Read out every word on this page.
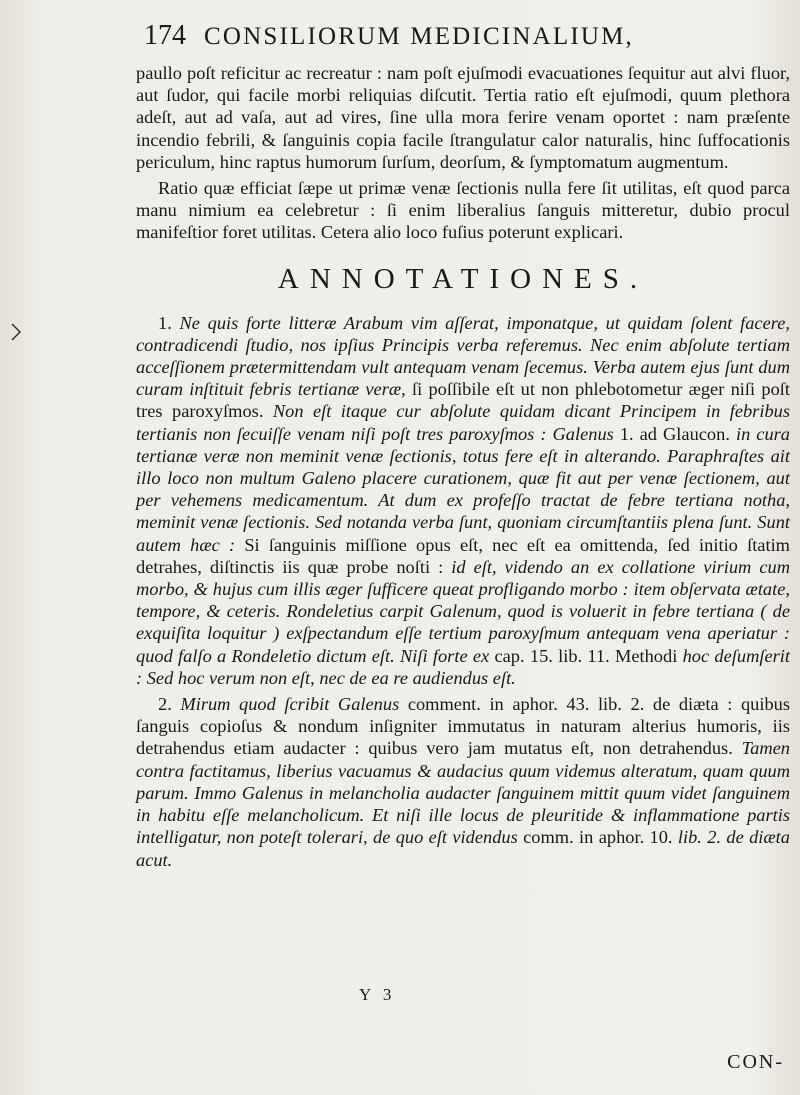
174 CONSILIORUM MEDICINALIUM,

paullo poſt reficitur ac recreatur : nam poſt ejuſmodi evacuationes ſequitur aut alvi fluor, aut ſudor, qui facile morbi reliquias diſcutit. Tertia ratio eſt ejuſmodi, quum plethora adeſt, aut ad vaſa, aut ad vires, ſine ulla mora ferire venam oportet : nam præſente incendio febrili, & ſanguinis copia facile ſtrangulatur calor naturalis, hinc ſuffocationis periculum, hinc raptus humorum ſurſum, deorſum, & ſymptomatum augmentum.

Ratio quæ efficiat ſæpe ut primæ venæ ſectionis nulla fere ſit utilitas, eſt quod parca manu nimium ea celebretur : ſi enim liberalius ſanguis mitteretur, dubio procul manifeſtior foret utilitas. Cetera alio loco fuſius poterunt explicari.

ANNOTATIONES.

1. Ne quis forte litteræ Arabum vim aſſerat, imponatque, ut quidam ſolent facere, contradicendi ſtudio, nos ipſius Principis verba referemus. Nec enim abſolute tertiam acceſſionem prætermittendam vult antequam venam ſecemus. Verba autem ejus ſunt dum curam inſtituit febris tertianæ veræ, ſi poſſibile eſt ut non phlebotometur æger niſi poſt tres paroxyſmos. Non eſt itaque cur abſolute quidam dicant Principem in febribus tertianis non ſecuiſſe venam niſi poſt tres paroxyſmos : Galenus 1. ad Glaucon. in cura tertianæ veræ non meminit venæ ſectionis, totus fere eſt in alterando. Paraphraſtes ait illo loco non multum Galeno placere curationem, quæ fit aut per venæ ſectionem, aut per vehemens medicamentum. At dum ex profeſſo tractat de febre tertiana notha, meminit venæ ſectionis. Sed notanda verba ſunt, quoniam circumſtantiis plena ſunt. Sunt autem hæc : Si ſanguinis miſſione opus eſt, nec eſt ea omittenda, ſed initio ſtatim detrahes, diſtinctis iis quæ probe noſti : id eſt, videndo an ex collatione virium cum morbo, & hujus cum illis æger ſufficere queat profligando morbo : item obſervata ætate, tempore, & ceteris. Rondeletius carpit Galenum, quod is voluerit in febre tertiana ( de exquiſita loquitur ) exſpectandum eſſe tertium paroxyſmum antequam vena aperiatur : quod falſo a Rondeletio dictum eſt. Niſi forte ex cap. 15. lib. 11. Methodi hoc deſumſerit : Sed hoc verum non eſt, nec de ea re audiendus eſt.

2. Mirum quod ſcribit Galenus comment. in aphor. 43. lib. 2. de diæta : quibus ſanguis copioſus & nondum inſigniter immutatus in naturam alterius humoris, iis detrahendus etiam audacter : quibus vero jam mutatus eſt, non detrahendus. Tamen contra factitamus, liberius vacuamus & audacius quum videmus alteratum, quam quum parum. Immo Galenus in melancholia audacter ſanguinem mittit quum videt ſanguinem in habitu eſſe melancholicum. Et niſi ille locus de pleuritide & inflammatione partis intelligatur, non poteſt tolerari, de quo eſt videndus comm. in aphor. 10. lib. 2. de diæta acut.

Y 3
CON-
